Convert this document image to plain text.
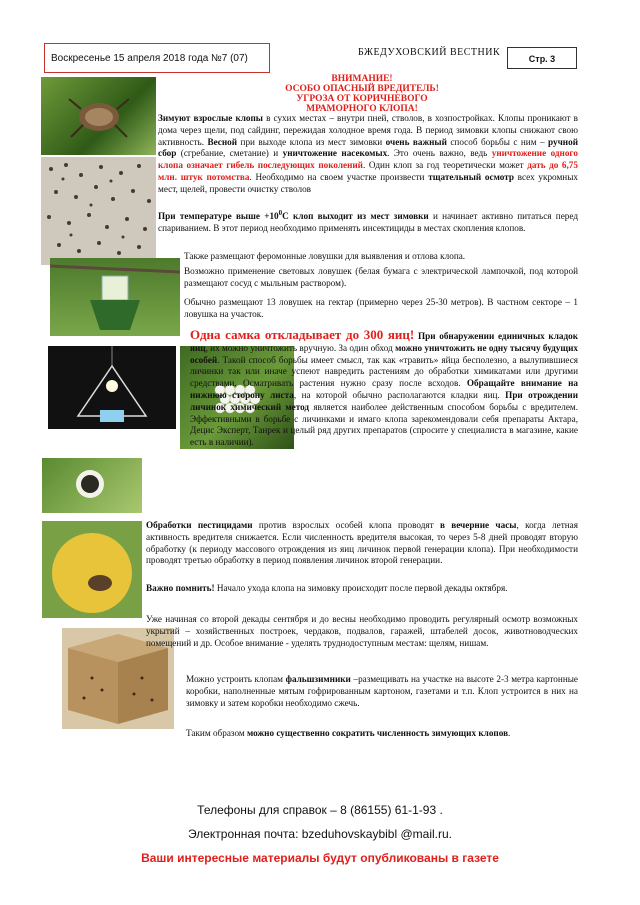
Воскресенье 15 апреля 2018 года №7 (07)
БЖЕДУХОВСКИЙ ВЕСТНИК
Стр. 3
ВНИМАНИЕ!
ОСОБО ОПАСНЫЙ ВРЕДИТЕЛЬ!
УГРОЗА ОТ КОРИЧНЕВОГО
МРАМОРНОГО КЛОПА!
Зимуют взрослые клопы в сухих местах – внутри пней, стволов, в хозпостройках. Клопы проникают в дома через щели, под сайдинг, пережидая холодное время года. В период зимовки клопы снижают свою активность. Весной при выходе клопа из мест зимовки очень важный способ борьбы с ним – ручной сбор (сгребание, сметание) и уничтожение насекомых. Это очень важно, ведь уничтожение одного клопа означает гибель последующих поколений. Один клоп за год теоретически может дать до 6,75 млн. штук потомства. Необходимо на своем участке произвести тщательный осмотр всех укромных мест, щелей, провести очистку стволов
При температуре выше $+10^0С$ клоп выходит из мест зимовки и начинает активно питаться перед спариванием. В этот период необходимо применять инсектициды в местах скопления клопов.
Также размещают феромонные ловушки для выявления и отлова клопа.
Возможно применение световых ловушек (белая бумага с электрической лампочкой, под которой размещают сосуд с мыльным раствором).
Обычно размещают 13 ловушек на гектар (примерно через 25-30 метров). В частном секторе – 1 ловушка на участок.
Одна самка откладывает до 300 яиц! При обнаружении единичных кладок яиц, их можно уничтожить вручную. За один обход можно уничтожить не одну тысячу будущих особей. Такой способ борьбы имеет смысл, так как «травить» яйца бесполезно, а вылупившиеся личинки так или иначе успеют навредить растениям до обработки химикатами или другими средствами. Осматривать растения нужно сразу после всходов. Обращайте внимание на нижнюю сторону листа, на которой обычно располагаются кладки яиц. При отрождении личинок химический метод является наиболее действенным способом борьбы с вредителем. Эффективными в борьбе с личинками и имаго клопа зарекомендовали себя препараты Актара, Децис Эксперт, Танрек и целый ряд других препаратов (спросите у специалиста в магазине, какие есть в наличии).
Обработки пестицидами против взрослых особей клопа проводят в вечерние часы, когда летная активность вредителя снижается. Если численность вредителя высокая, то через 5-8 дней проводят вторую обработку (к периоду массового отрождения из яиц личинок первой генерации клопа). При необходимости проводят третью обработку в период появления личинок второй генерации.
Важно помнить! Начало ухода клопа на зимовку происходит после первой декады октября.
Уже начиная со второй декады сентября и до весны необходимо проводить регулярный осмотр возможных укрытий – хозяйственных построек, чердаков, подвалов, гаражей, штабелей досок, животноводческих помещений и др. Особое внимание - уделять труднодоступным местам: щелям, нишам.
Можно устроить клопам фальшзимники –размещивать на участке на высоте 2-3 метра картонные коробки, наполненные мятым гофрированным картоном, газетами и т.п. Клоп устроится в них на зимовку и затем коробки необходимо сжечь.
Таким образом можно существенно сократить численность зимующих клопов.
Телефоны для справок – 8 (86155) 61-1-93 .
Электронная почта: bzeduhovskaybibl @mail.ru.
Ваши интересные материалы будут опубликованы в газете
